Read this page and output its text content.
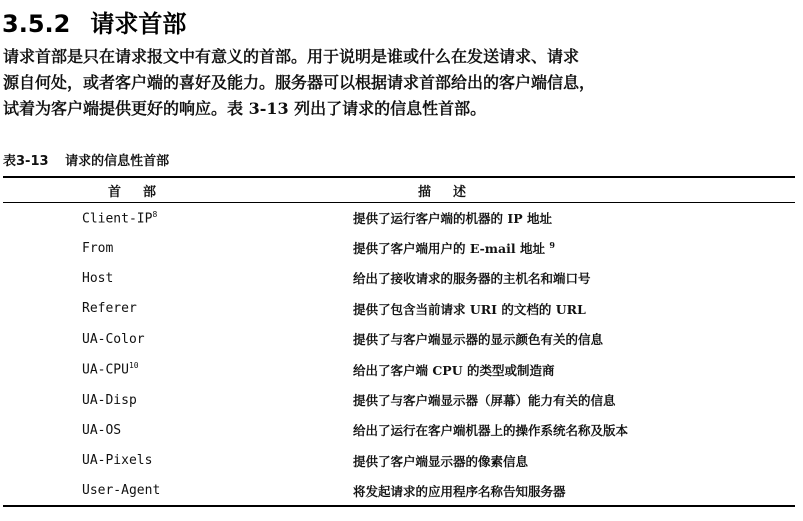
3.5.2 请求首部

请求首部是只在请求报文中有意义的首部。用于说明是谁或什么在发送请求、请求
源自何处，或者客户端的喜好及能力。服务器可以根据请求首部给出的客户端信息，
试着为客户端提供更好的响应。表 3-13 列出了请求的信息性首部。

表3-13 请求的信息性首部
首部	描述
Client-$IP^8$	提供了运行客户端的机器的 IP 地址
From	提供了客户端用户的 E-mail 地址 $^9$
Host	给出了接收请求的服务器的主机名和端口号
Referer	提供了包含当前请求 URI 的文档的 URL
UA-Color	提供了与客户端显示器的显示颜色有关的信息
UA-CPU$^{10}$	给出了客户端 CPU 的类型或制造商
UA-Disp	提供了与客户端显示器（屏幕）能力有关的信息
UA-OS	给出了运行在客户端机器上的操作系统名称及版本
UA-Pixels	提供了客户端显示器的像素信息
User-Agent	将发起请求的应用程序名称告知服务器
